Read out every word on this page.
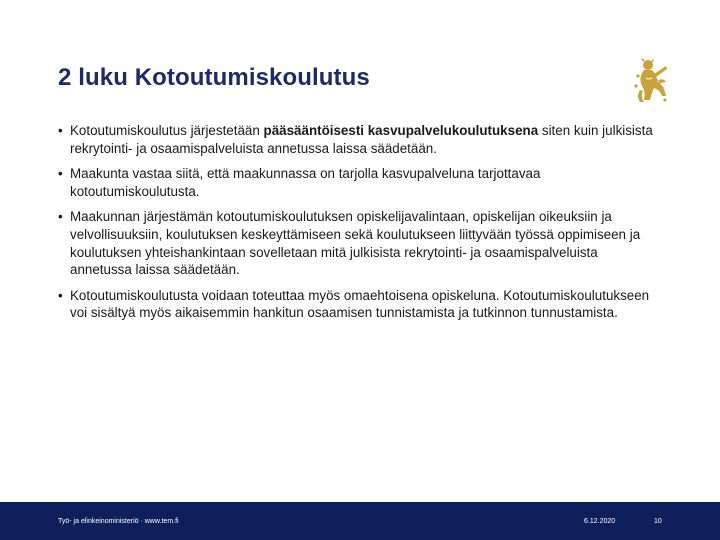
2 luku Kotoutumiskoulutus
• Kotoutumiskoulutus järjestetään pääsääntöisesti kasvupalvelukoulutuksena siten kuin julkisista rekrytointi- ja osaamispalveluista annetussa laissa säädetään.
• Maakunta vastaa siitä, että maakunnassa on tarjolla kasvupalveluna tarjottavaa kotoutumiskoulutusta.
• Maakunnan järjestämän kotoutumiskoulutuksen opiskelijavalintaan, opiskelijan oikeuksiin ja velvollisuuksiin, koulutuksen keskeyttämiseen sekä koulutukseen liittyvään työssä oppimiseen ja koulutuksen yhteishankintaan sovelletaan mitä julkisista rekrytointi- ja osaamispalveluista annetussa laissa säädetään.
• Kotoutumiskoulutusta voidaan toteuttaa myös omaehtoisena opiskeluna. Kotoutumiskoulutukseen voi sisältyä myös aikaisemmin hankitun osaamisen tunnistamista ja tutkinnon tunnustamista.
Työ- ja elinkeinoministeriö · www.tem.fi	6.12.2020	10
